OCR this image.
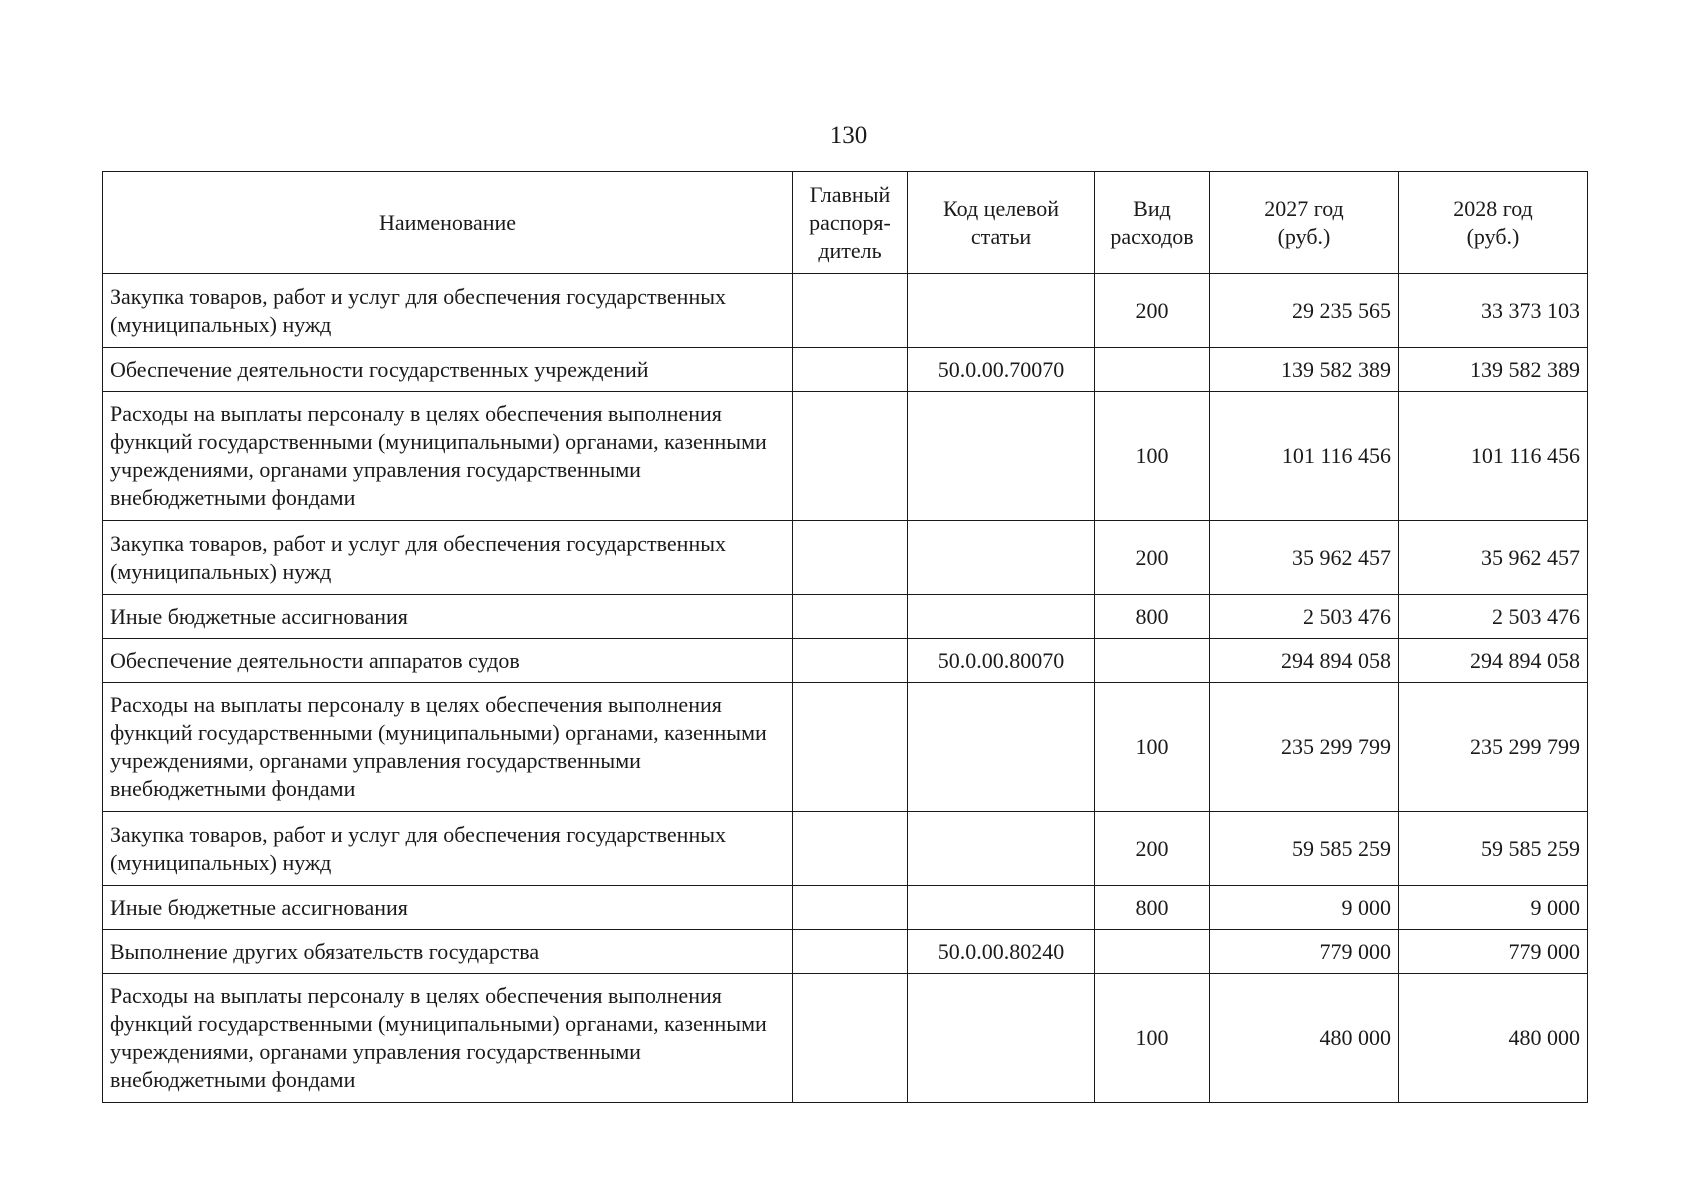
130
Наименование	Главный распоря-дитель	Код целевой статьи	Вид расходов	2027 год (руб.)	2028 год (руб.)
Закупка товаров, работ и услуг для обеспечения государственных (муниципальных) нужд			200	29 235 565	33 373 103
Обеспечение деятельности государственных учреждений		50.0.00.70070		139 582 389	139 582 389
Расходы на выплаты персоналу в целях обеспечения выполнения функций государственными (муниципальными) органами, казенными учреждениями, органами управления государственными внебюджетными фондами			100	101 116 456	101 116 456
Закупка товаров, работ и услуг для обеспечения государственных (муниципальных) нужд			200	35 962 457	35 962 457
Иные бюджетные ассигнования			800	2 503 476	2 503 476
Обеспечение деятельности аппаратов судов		50.0.00.80070		294 894 058	294 894 058
Расходы на выплаты персоналу в целях обеспечения выполнения функций государственными (муниципальными) органами, казенными учреждениями, органами управления государственными внебюджетными фондами			100	235 299 799	235 299 799
Закупка товаров, работ и услуг для обеспечения государственных (муниципальных) нужд			200	59 585 259	59 585 259
Иные бюджетные ассигнования			800	9 000	9 000
Выполнение других обязательств государства		50.0.00.80240		779 000	779 000
Расходы на выплаты персоналу в целях обеспечения выполнения функций государственными (муниципальными) органами, казенными учреждениями, органами управления государственными внебюджетными фондами			100	480 000	480 000
